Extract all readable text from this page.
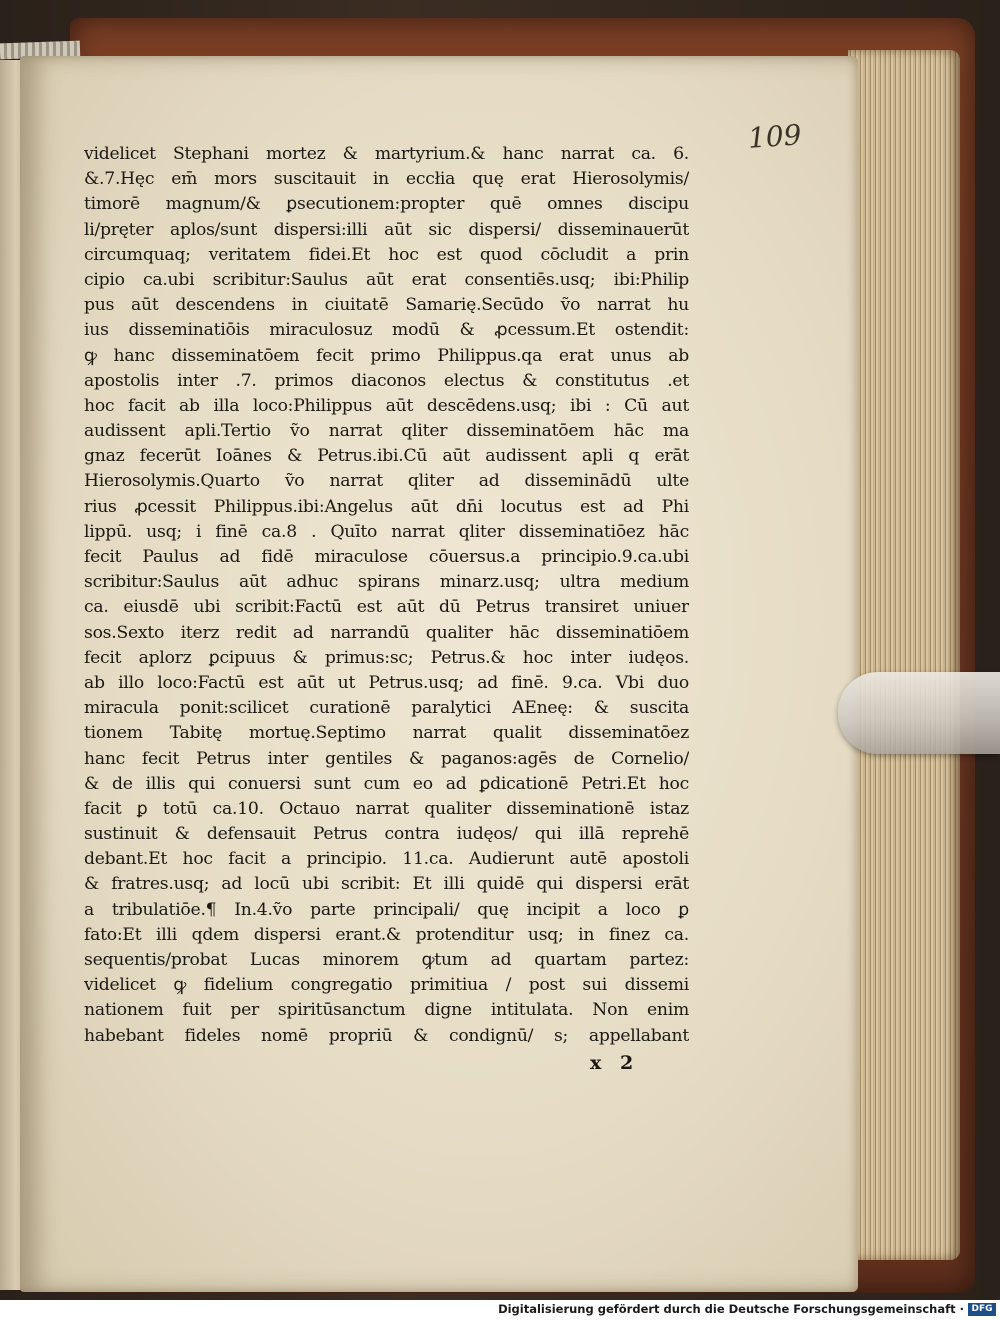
109

videlicet Stephani mortez & martyrium.& hanc narrat ca. 6.
&.7.Hęc em̄ mors suscitauit in eccłia quę erat Hierosolymis/
timorē magnum/& ꝑsecutionem:propter quē omnes discipu
li/pręter aplos/sunt dispersi:illi aūt sic dispersi/ disseminauerūt
circumquaq; veritatem fidei.Et hoc est quod cōcludit a prin
cipio ca.ubi scribitur:Saulus aūt erat consentiēs.usq; ibi:Philip
pus aūt descendens in ciuitatē Samarię.Secūdo ṽo narrat hu
ius disseminatiōis miraculosuz modū & ꝓcessum.Et ostendit:
ꝙ hanc disseminatōem fecit primo Philippus.qa erat unus ab
apostolis inter .7. primos diaconos electus & constitutus .et
hoc facit ab illa loco:Philippus aūt descēdens.usq; ibi : Cū aut
audissent apli.Tertio ṽo narrat qliter disseminatōem hāc ma
gnaz fecerūt Ioānes & Petrus.ibi.Cū aūt audissent apli q erāt
Hierosolymis.Quarto ṽo narrat qliter ad disseminādū ulte
rius ꝓcessit Philippus.ibi:Angelus aūt dn̄i locutus est ad Phi
lippū. usq; i finē ca.8 . Quīto narrat qliter disseminatiōez hāc
fecit Paulus ad fidē miraculose cōuersus.a principio.9.ca.ubi
scribitur:Saulus aūt adhuc spirans minarz.usq; ultra medium
ca. eiusdē ubi scribit:Factū est aūt dū Petrus transiret uniuer
sos.Sexto iterz redit ad narrandū qualiter hāc disseminatiōem
fecit aplorz ꝑcipuus & primus:sc; Petrus.& hoc inter iudęos.
ab illo loco:Factū est aūt ut Petrus.usq; ad finē. 9.ca. Vbi duo
miracula ponit:scilicet curationē paralytici AEneę: & suscita
tionem Tabitę mortuę.Septimo narrat qualit disseminatōez
hanc fecit Petrus inter gentiles & paganos:agēs de Cornelio/
& de illis qui conuersi sunt cum eo ad ꝑdicationē Petri.Et hoc
facit ꝑ totū ca.10. Octauo narrat qualiter disseminationē istaz
sustinuit & defensauit Petrus contra iudęos/ qui illā reprehē
debant.Et hoc facit a principio. 11.ca. Audierunt autē apostoli
& fratres.usq; ad locū ubi scribit: Et illi quidē qui dispersi erāt
a tribulatiōe.¶ In.4.ṽo parte principali/ quę incipit a loco ꝑ
fato:Et illi qdem dispersi erant.& protenditur usq; in finez ca.
sequentis/probat Lucas minorem ꝙtum ad quartam partez:
videlicet ꝙ fidelium congregatio primitiua / post sui dissemi
nationem fuit per spiritūsanctum digne intitulata. Non enim
habebant fideles nomē propriū & condignū/ s; appellabant

x 2

Digitalisierung gefördert durch die Deutsche Forschungsgemeinschaft · DFG
